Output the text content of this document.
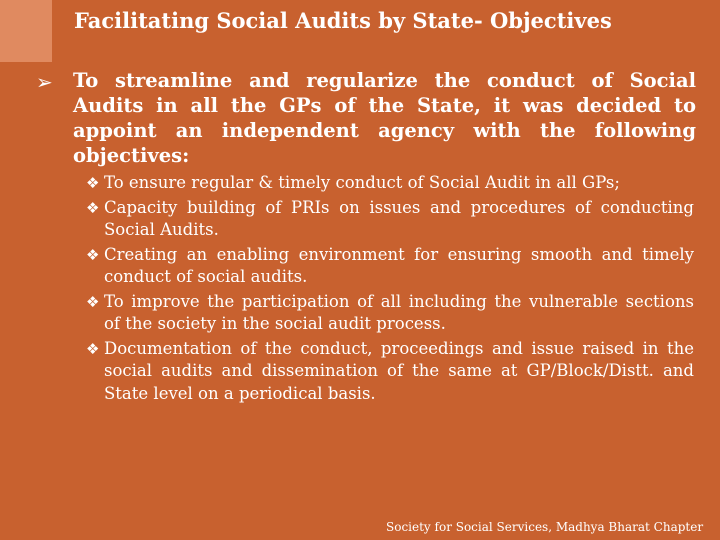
Facilitating Social Audits by State- Objectives
➢ To streamline and regularize the conduct of Social Audits in all the GPs of the State, it was decided to appoint an independent agency with the following objectives:
❖ To ensure regular & timely conduct of Social Audit in all GPs;
❖ Capacity building of PRIs on issues and procedures of conducting Social Audits.
❖ Creating an enabling environment for ensuring smooth and timely conduct of social audits.
❖ To improve the participation of all including the vulnerable sections of the society in the social audit process.
❖ Documentation of the conduct, proceedings and issue raised in the social audits and dissemination of the same at GP/Block/Distt. and State level on a periodical basis.
Society for Social Services, Madhya Bharat Chapter
